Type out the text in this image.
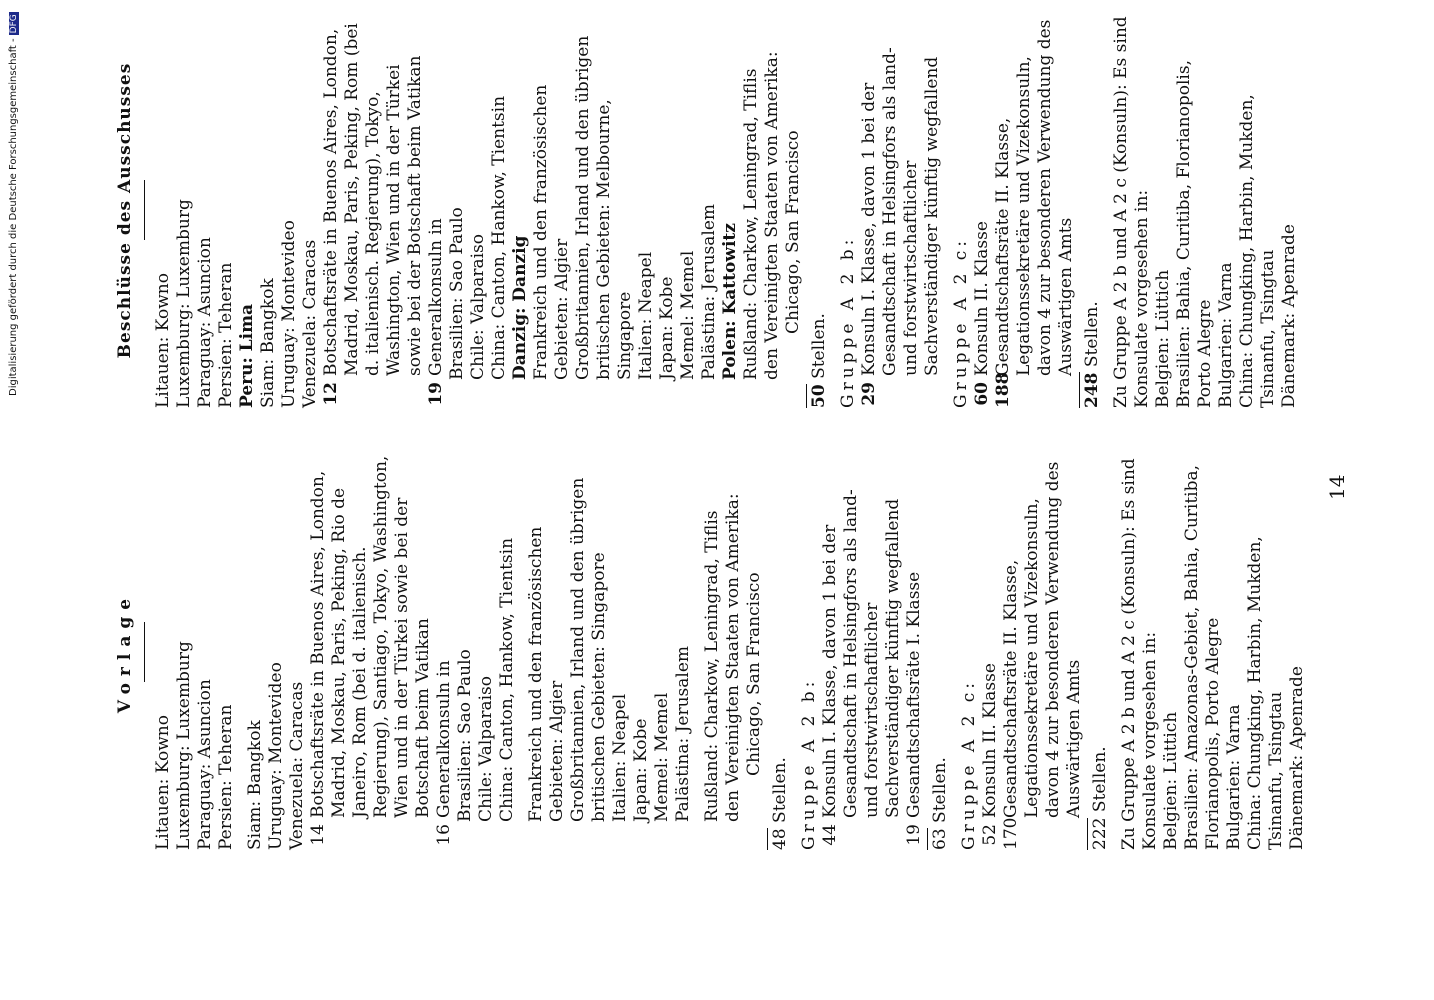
14
Vorlage
Litauen: Kowno Luxemburg: Luxemburg Paraguay: Asuncion Persien: Teheran Siam: Bangkok Uruguay: Montevideo Venezuela: Caracas 14
Botschaftsräte in Buenos Aires, London, Madrid, Moskau, Paris, Peking, Rio de Janeiro, Rom (bei d. italienisch. Regierung), Santiago, Tokyo, Washington, Wien und in der Türkei sowie bei der Botschaft beim Vatikan
16
Generalkonsuln in Brasilien: Sao Paulo Chile: Valparaiso China: Canton, Hankow, Tientsin Frankreich und den französischen Gebieten: Algier Großbritannien, Irland und den übrigen britischen Gebieten: Singapore Italien: Neapel Japan: Kobe Memel: Memel Palästina: Jerusalem Rußland: Charkow, Leningrad, Tiflis den Vereinigten Staaten von Amerika: Chicago, San Francisco
48 Stellen. Gruppe A 2 b: 44
Konsuln I. Klasse, davon 1 bei der Gesandtschaft in Helsingfors als land- und forstwirtschaftlicher Sachverständiger künftig wegfallend
19
Gesandtschaftsräte I. Klasse
63 Stellen. Gruppe A 2 c: 52
Konsuln II. Klasse
170
Gesandtschaftsräte II. Klasse, Legationssekretäre und Vizekonsuln, davon 4 zur besonderen Verwendung des Auswärtigen Amts
222 Stellen. Zu Gruppe A 2 b und A 2 c (Konsuln): Es sind Konsulate vorgesehen in: Belgien: Lüttich Brasilien: Amazonas-Gebiet, Bahia, Curitiba, Florianopolis, Porto Alegre Bulgarien: Varna China: Chungking, Harbin, Mukden, Tsinanfu, Tsingtau Dänemark: Apenrade
Beschlüsse des Ausschusses Litauen: Kowno Luxemburg: Luxemburg Paraguay: Asuncion Persien: Teheran Peru: Lima Siam: Bangkok Uruguay: Montevideo Venezuela: Caracas 12
Botschaftsräte in Buenos Aires, London, Madrid, Moskau, Paris, Peking, Rom (bei d. italienisch. Regierung), Tokyo, Washington, Wien und in der Türkei sowie bei der Botschaft beim Vatikan
19
Generalkonsuln in Brasilien: Sao Paulo Chile: Valparaiso China: Canton, Hankow, Tientsin Danzig: Danzig Frankreich und den französischen Gebieten: Algier Großbritannien, Irland und den übrigen britischen Gebieten: Melbourne, Singapore Italien: Neapel Japan: Kobe Memel: Memel Palästina: Jerusalem Polen: Kattowitz Rußland: Charkow, Leningrad, Tiflis den Vereinigten Staaten von Amerika: Chicago, San Francisco
50 Stellen. Gruppe A 2 b: 29
Konsuln I. Klasse, davon 1 bei der Gesandtschaft in Helsingfors als land- und forstwirtschaftlicher Sachverständiger künftig wegfallend Gruppe A 2 c: 60
Konsuln II. Klasse
188
Gesandtschaftsräte II. Klasse, Legationssekretäre und Vizekonsuln, davon 4 zur besonderen Verwendung des Auswärtigen Amts
248 Stellen. Zu Gruppe A 2 b und A 2 c (Konsuln): Es sind Konsulate vorgesehen in: Belgien: Lüttich Brasilien: Bahia, Curitiba, Florianopolis, Porto Alegre Bulgarien: Varna China: Chungking, Harbin, Mukden, Tsinanfu, Tsingtau Dänemark: Apenrade
Digitalisierung gefördert durch die Deutsche Forschungsgemeinschaft -DFG
